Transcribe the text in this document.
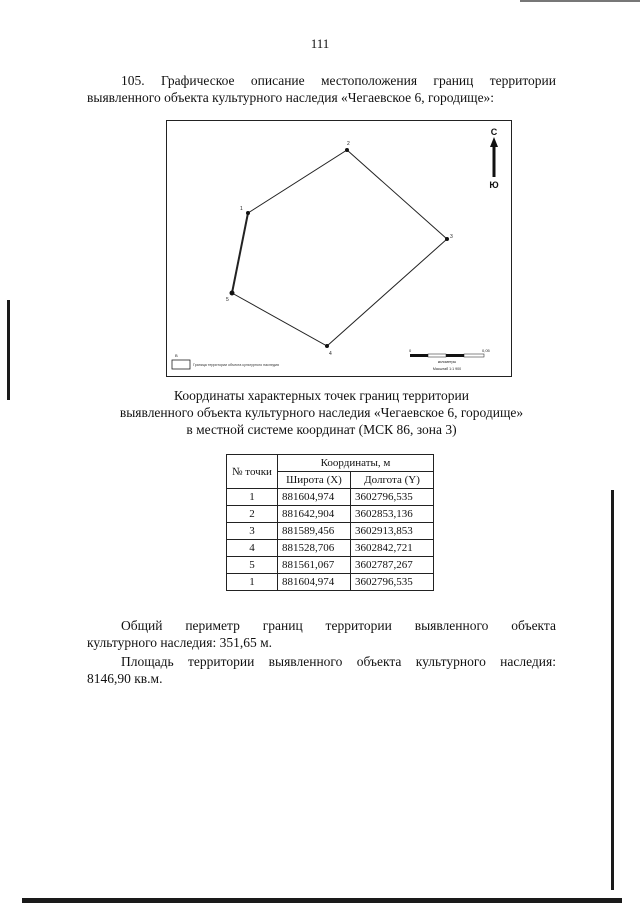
111
105. Графическое описание местоположения границ территории
выявленного объекта культурного наследия «Чегаевское 6, городище»:
1
2
3
4
5
С
Ю
В
Граница территории объекта культурного наследия
0	0,05
километры
Масштаб 1:1 900
Координаты характерных точек границ территории
выявленного объекта культурного наследия «Чегаевское 6, городище»
в местной системе координат (МСК 86, зона 3)
№ точки	Координаты, м	
	Широта (X)	Долгота (Y)
1	881604,974	3602796,535
2	881642,904	3602853,136
3	881589,456	3602913,853
4	881528,706	3602842,721
5	881561,067	3602787,267
1	881604,974	3602796,535
Общий периметр границ территории выявленного объекта
культурного наследия: 351,65 м.
Площадь территории выявленного объекта культурного наследия:
8146,90 кв.м.
